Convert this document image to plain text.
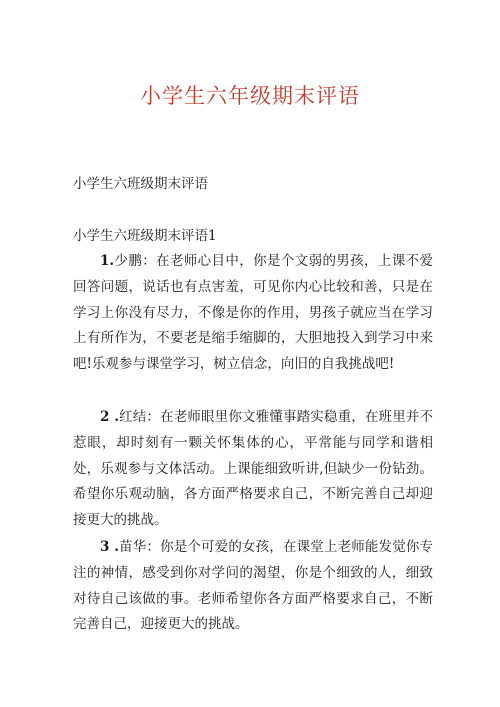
小学生六年级期末评语
小学生六班级期末评语
小学生六班级期末评语1

1.少鹏：在老师心目中，你是个文弱的男孩，上课不爱回答问题，说话也有点害羞，可见你内心比较和善，只是在学习上你没有尽力，不像是你的作用，男孩子就应当在学习上有所作为，不要老是缩手缩脚的，大胆地投入到学习中来吧!乐观参与课堂学习，树立信念，向旧的自我挑战吧!

2 .红结：在老师眼里你文雅懂事踏实稳重，在班里并不惹眼，却时刻有一颗关怀集体的心，平常能与同学和谐相处，乐观参与文体活动。上课能细致听讲,但缺少一份钻劲。希望你乐观动脑，各方面严格要求自己，不断完善自己却迎接更大的挑战。

3 .苗华：你是个可爱的女孩，在课堂上老师能发觉你专注的神情，感受到你对学问的渴望，你是个细致的人，细致对待自己该做的事。老师希望你各方面严格要求自己，不断完善自己，迎接更大的挑战。
